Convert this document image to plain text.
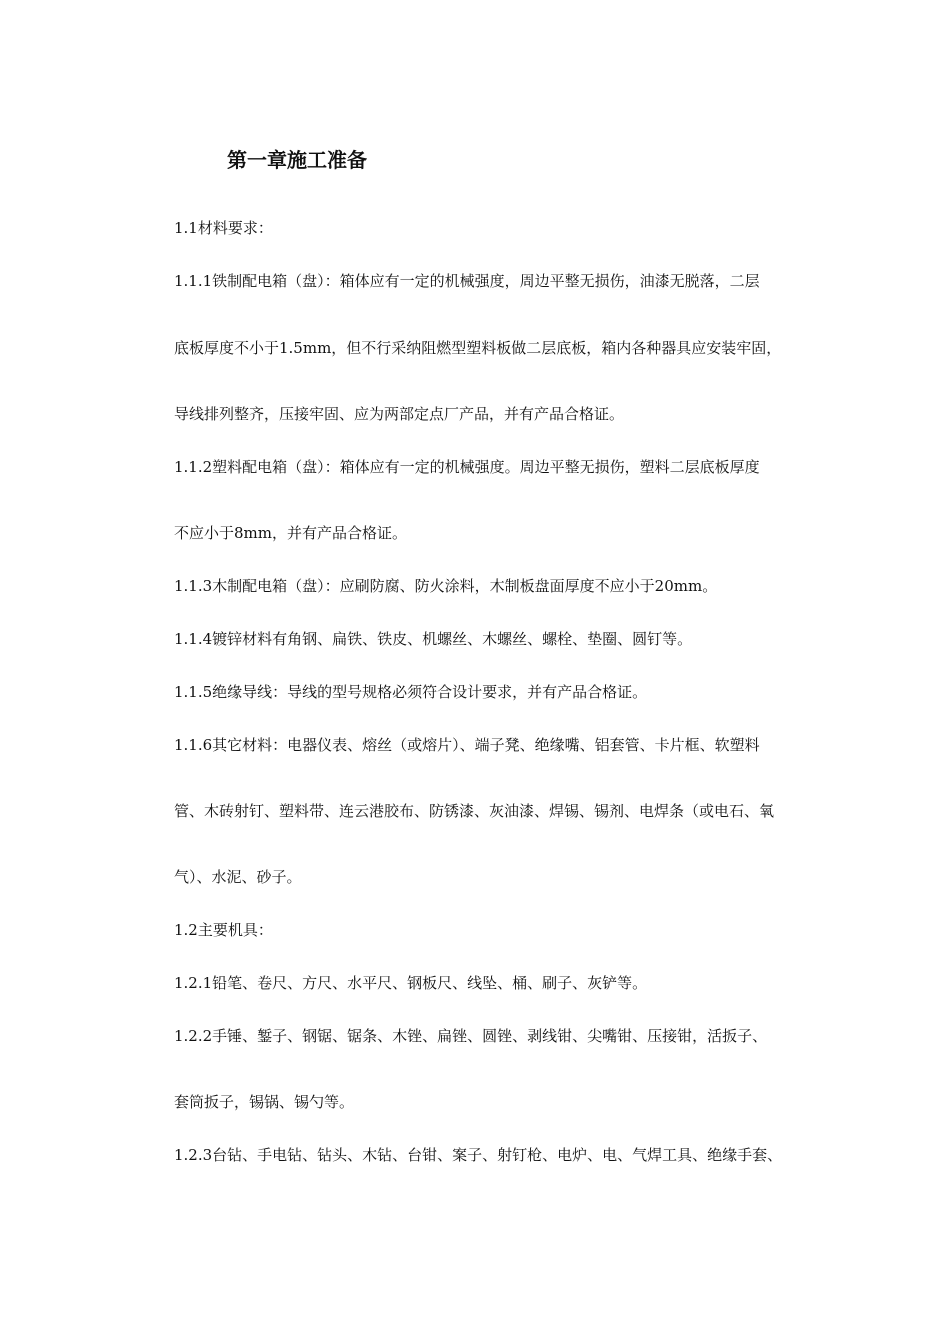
第一章施工准备

1.1材料要求：

1.1.1铁制配电箱（盘）：箱体应有一定的机械强度，周边平整无损伤，油漆无脱落，二层

底板厚度不小于1.5mm，但不行采纳阻燃型塑料板做二层底板，箱内各种器具应安装牢固，

导线排列整齐，压接牢固、应为两部定点厂产品，并有产品合格证。

1.1.2塑料配电箱（盘）：箱体应有一定的机械强度。周边平整无损伤，塑料二层底板厚度

不应小于8mm，并有产品合格证。

1.1.3木制配电箱（盘）：应刷防腐、防火涂料，木制板盘面厚度不应小于20mm。

1.1.4镀锌材料有角钢、扁铁、铁皮、机螺丝、木螺丝、螺栓、垫圈、圆钉等。

1.1.5绝缘导线：导线的型号规格必须符合设计要求，并有产品合格证。

1.1.6其它材料：电器仪表、熔丝（或熔片）、端子凳、绝缘嘴、铝套管、卡片框、软塑料

管、木砖射钉、塑料带、连云港胶布、防锈漆、灰油漆、焊锡、锡剂、电焊条（或电石、氧

气）、水泥、砂子。

1.2主要机具：

1.2.1铅笔、卷尺、方尺、水平尺、钢板尺、线坠、桶、刷子、灰铲等。

1.2.2手锤、錾子、钢锯、锯条、木锉、扁锉、圆锉、剥线钳、尖嘴钳、压接钳，活扳子、

套筒扳子，锡锅、锡勺等。

1.2.3台钻、手电钻、钻头、木钻、台钳、案子、射钉枪、电炉、电、气焊工具、绝缘手套、
